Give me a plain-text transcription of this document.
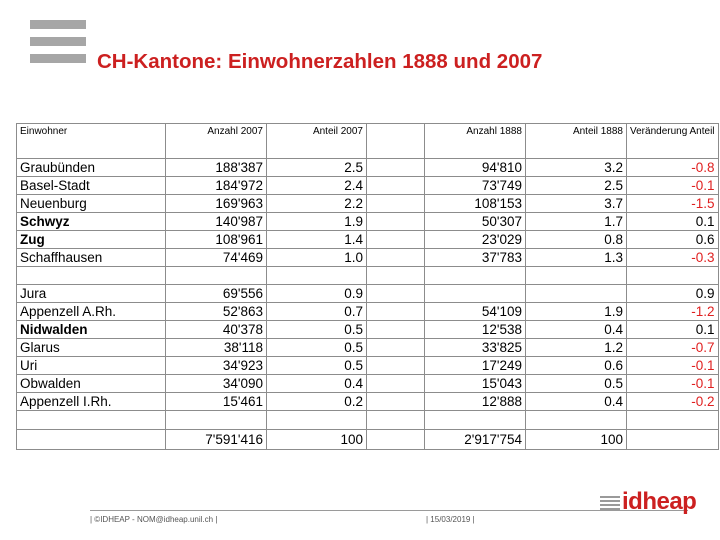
CH-Kantone: Einwohnerzahlen 1888 und 2007
Einwohner	Anzahl 2007	Anteil 2007		Anzahl 1888	Anteil 1888	Veränderung Anteil
Graubünden	188'387	2.5		94'810	3.2	-0.8
Basel-Stadt	184'972	2.4		73'749	2.5	-0.1
Neuenburg	169'963	2.2		108'153	3.7	-1.5
Schwyz	140'987	1.9		50'307	1.7	0.1
Zug	108'961	1.4		23'029	0.8	0.6
Schaffhausen	74'469	1.0		37'783	1.3	-0.3

Jura	69'556	0.9				0.9
Appenzell A.Rh.	52'863	0.7		54'109	1.9	-1.2
Nidwalden	40'378	0.5		12'538	0.4	0.1
Glarus	38'118	0.5		33'825	1.2	-0.7
Uri	34'923	0.5		17'249	0.6	-0.1
Obwalden	34'090	0.4		15'043	0.5	-0.1
Appenzell I.Rh.	15'461	0.2		12'888	0.4	-0.2

	7'591'416	100		2'917'754	100	
| ©IDHEAP - NOM@idheap.unil.ch |	| 15/03/2019 |
idheap
